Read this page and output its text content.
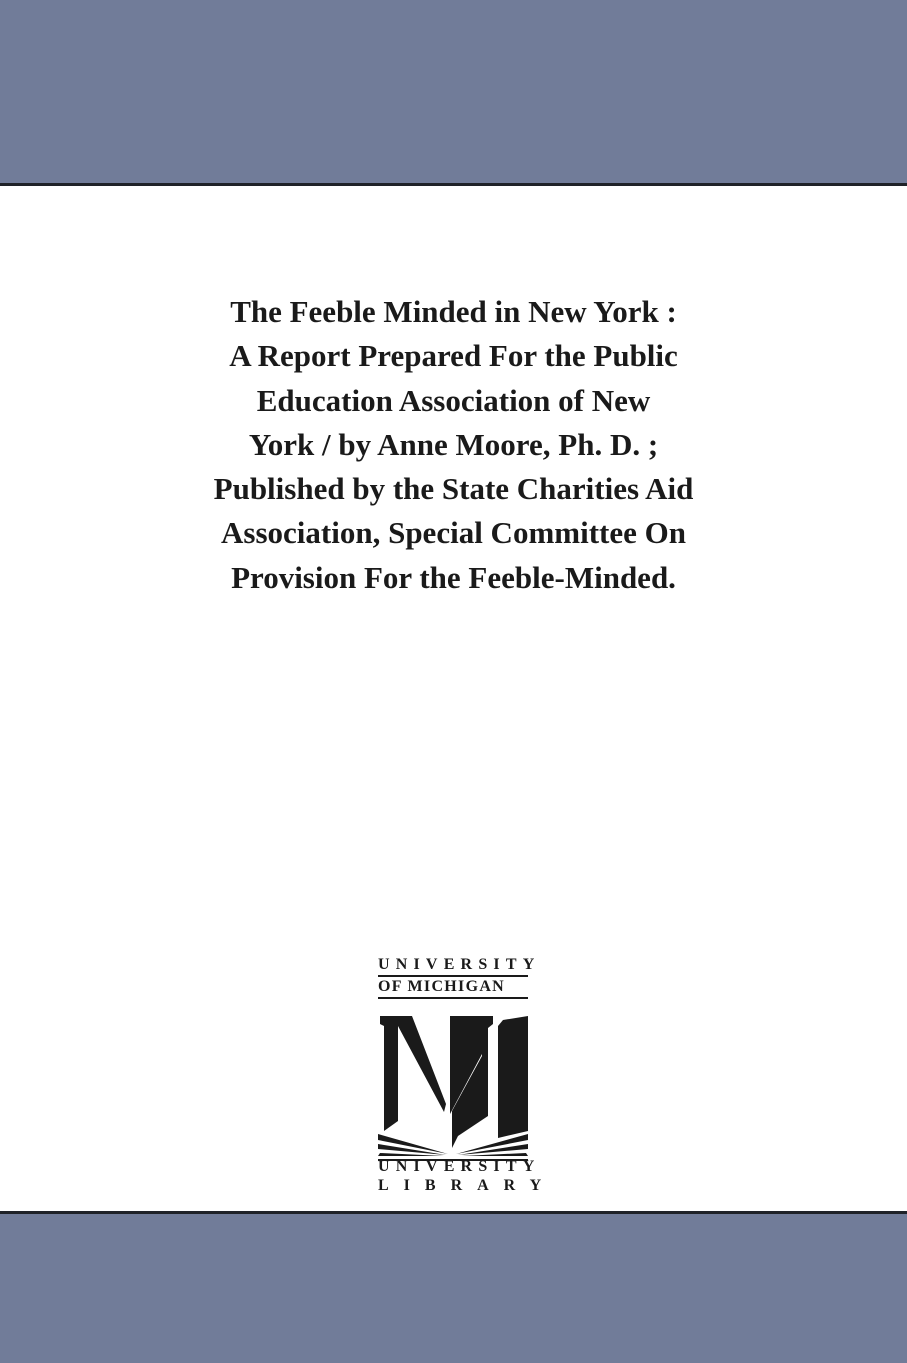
The Feeble Minded in New York :
A Report Prepared For the Public
Education Association of New
York / by Anne Moore, Ph. D. ;
Published by the State Charities Aid
Association, Special Committee On
Provision For the Feeble-Minded.
UNIVERSITY
OF MICHIGAN
UNIVERSITY
LIBRARY
